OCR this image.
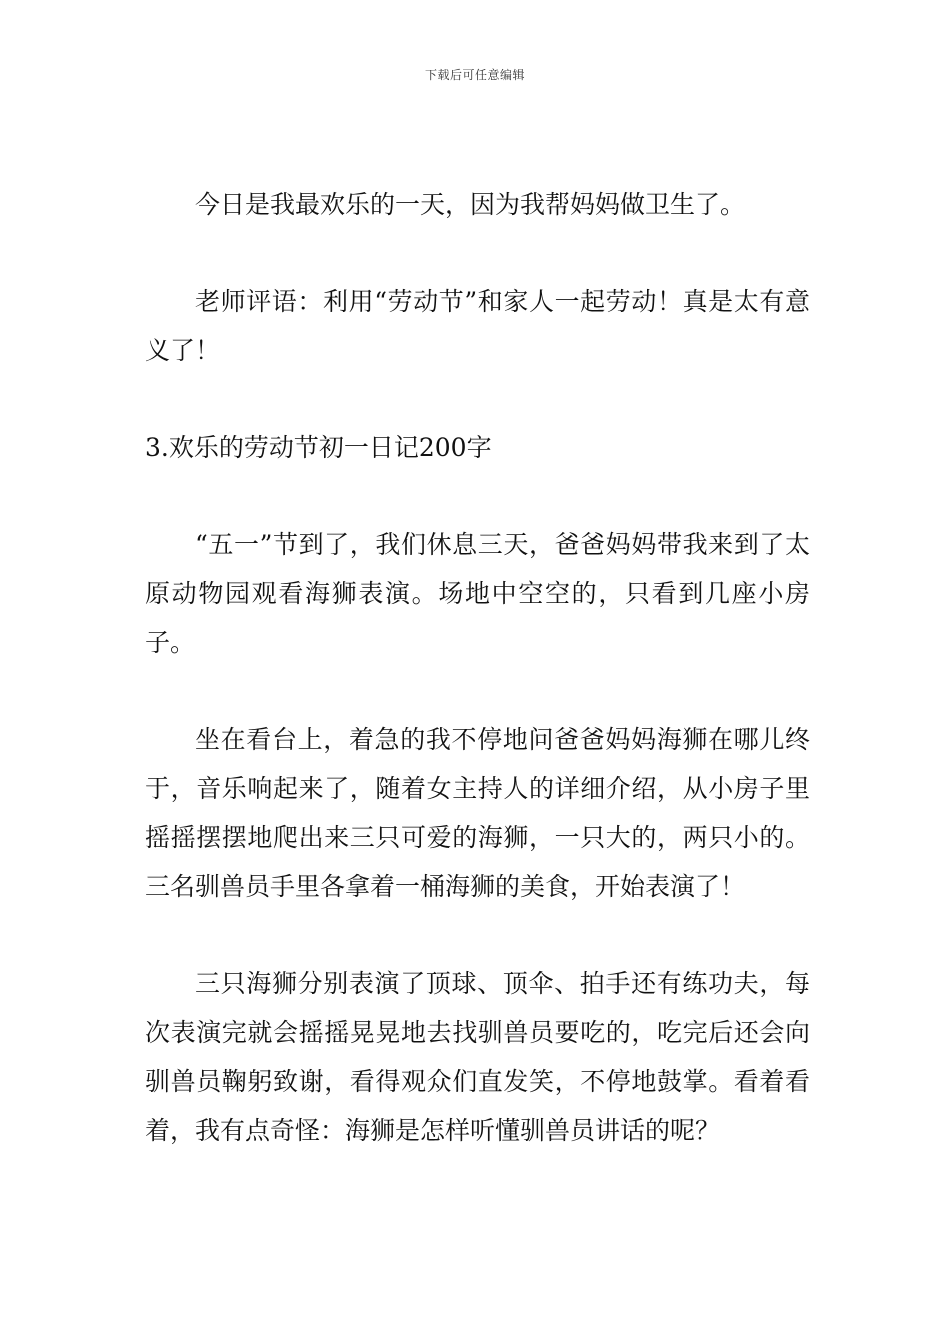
下载后可任意编辑

今日是我最欢乐的一天，因为我帮妈妈做卫生了。

老师评语：利用“劳动节”和家人一起劳动！真是太有意义了！

3.欢乐的劳动节初一日记200字

“五一”节到了，我们休息三天，爸爸妈妈带我来到了太原动物园观看海狮表演。场地中空空的，只看到几座小房子。

坐在看台上，着急的我不停地问爸爸妈妈海狮在哪儿终于，音乐响起来了，随着女主持人的详细介绍，从小房子里摇摇摆摆地爬出来三只可爱的海狮，一只大的，两只小的。三名驯兽员手里各拿着一桶海狮的美食，开始表演了！

三只海狮分别表演了顶球、顶伞、拍手还有练功夫，每次表演完就会摇摇晃晃地去找驯兽员要吃的，吃完后还会向驯兽员鞠躬致谢，看得观众们直发笑，不停地鼓掌。看着看着，我有点奇怪：海狮是怎样听懂驯兽员讲话的呢？
